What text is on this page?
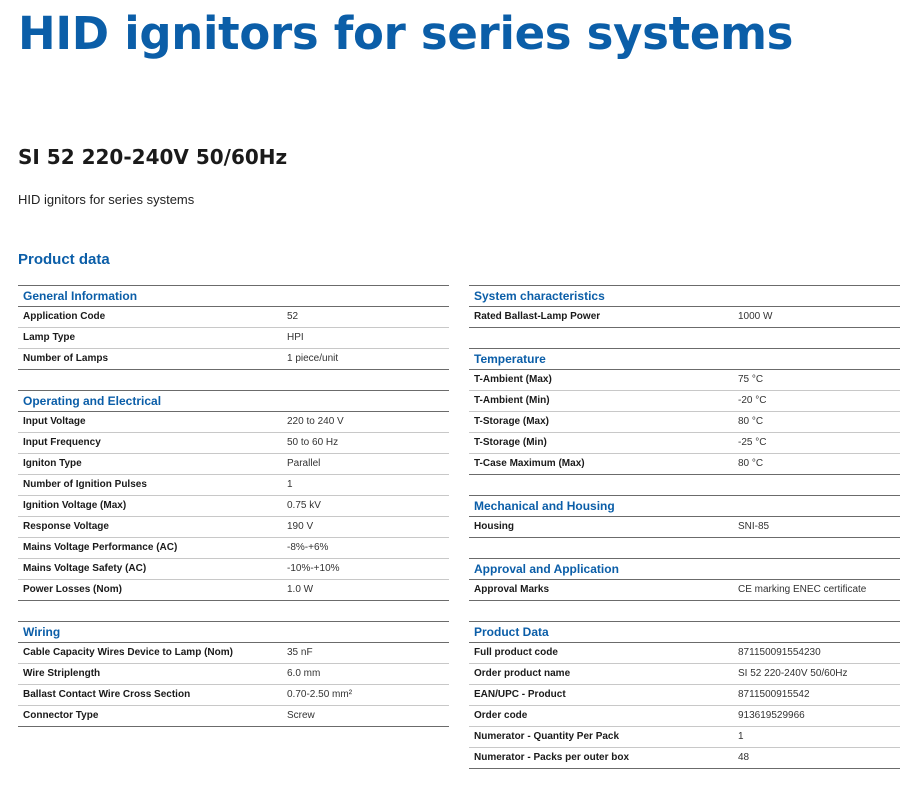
HID ignitors for series systems
SI 52 220-240V 50/60Hz
HID ignitors for series systems
Product data
General Information
Application Code	52
Lamp Type	HPI
Number of Lamps	1 piece/unit
Operating and Electrical
Input Voltage	220 to 240 V
Input Frequency	50 to 60 Hz
Igniton Type	Parallel
Number of Ignition Pulses	1
Ignition Voltage (Max)	0.75 kV
Response Voltage	190 V
Mains Voltage Performance (AC)	-8%-+6%
Mains Voltage Safety (AC)	-10%-+10%
Power Losses (Nom)	1.0 W
Wiring
Cable Capacity Wires Device to Lamp (Nom)	35 nF
Wire Striplength	6.0 mm
Ballast Contact Wire Cross Section	0.70-2.50 mm²
Connector Type	Screw
System characteristics
Rated Ballast-Lamp Power	1000 W
Temperature
T-Ambient (Max)	75 °C
T-Ambient (Min)	-20 °C
T-Storage (Max)	80 °C
T-Storage (Min)	-25 °C
T-Case Maximum (Max)	80 °C
Mechanical and Housing
Housing	SNI-85
Approval and Application
Approval Marks	CE marking ENEC certificate
Product Data
Full product code	871150091554230
Order product name	SI 52 220-240V 50/60Hz
EAN/UPC - Product	8711500915542
Order code	913619529966
Numerator - Quantity Per Pack	1
Numerator - Packs per outer box	48
